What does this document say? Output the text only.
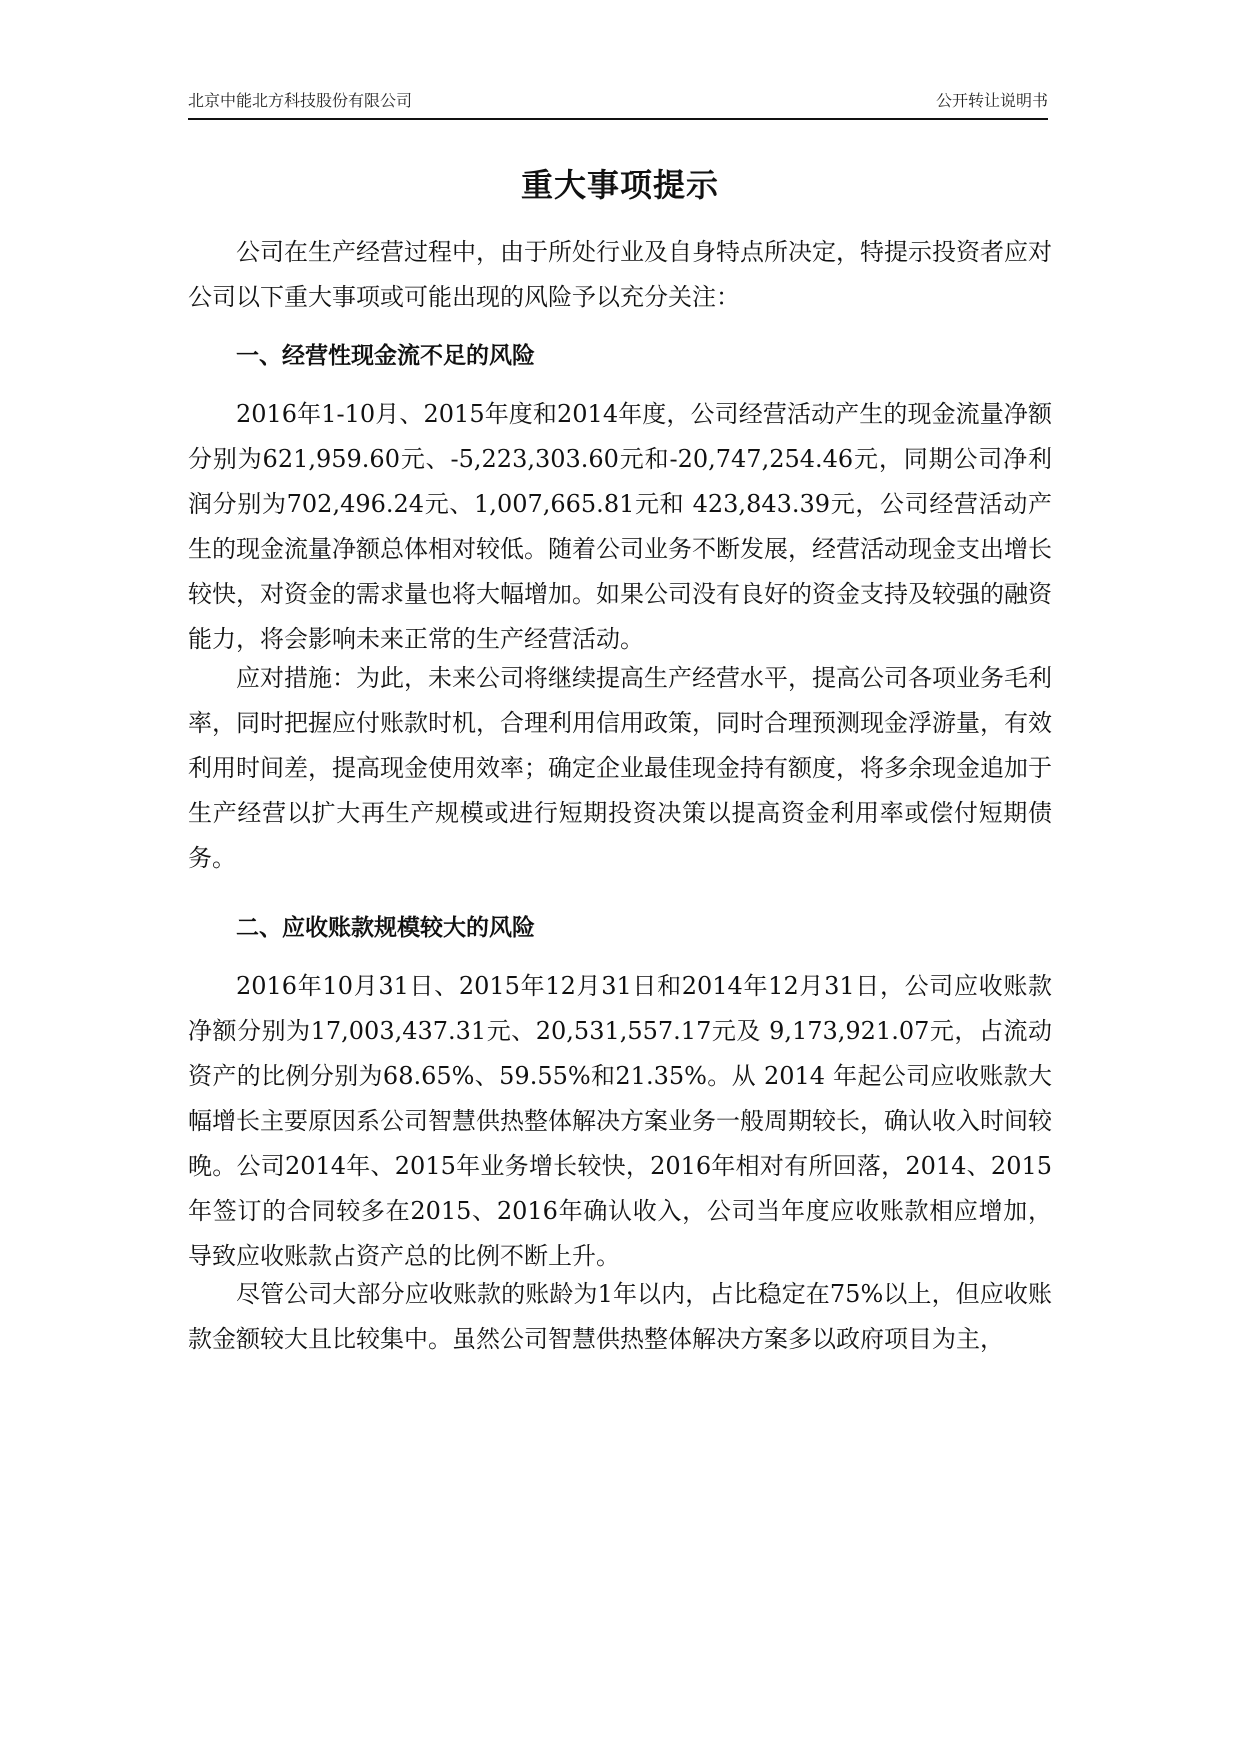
北京中能北方科技股份有限公司	公开转让说明书
重大事项提示

公司在生产经营过程中，由于所处行业及自身特点所决定，特提示投资者应对公司以下重大事项或可能出现的风险予以充分关注：

一、经营性现金流不足的风险

2016年1-10月、2015年度和2014年度，公司经营活动产生的现金流量净额分别为621,959.60元、-5,223,303.60元和-20,747,254.46元，同期公司净利润分别为702,496.24元、1,007,665.81元和 423,843.39元，公司经营活动产生的现金流量净额总体相对较低。随着公司业务不断发展，经营活动现金支出增长较快，对资金的需求量也将大幅增加。如果公司没有良好的资金支持及较强的融资能力，将会影响未来正常的生产经营活动。

应对措施：为此，未来公司将继续提高生产经营水平，提高公司各项业务毛利率，同时把握应付账款时机，合理利用信用政策，同时合理预测现金浮游量，有效利用时间差，提高现金使用效率；确定企业最佳现金持有额度，将多余现金追加于生产经营以扩大再生产规模或进行短期投资决策以提高资金利用率或偿付短期债务。

二、应收账款规模较大的风险

2016年10月31日、2015年12月31日和2014年12月31日，公司应收账款净额分别为17,003,437.31元、20,531,557.17元及 9,173,921.07元，占流动资产的比例分别为68.65%、59.55%和21.35%。从 2014 年起公司应收账款大幅增长主要原因系公司智慧供热整体解决方案业务一般周期较长，确认收入时间较晚。公司2014年、2015年业务增长较快，2016年相对有所回落，2014、2015年签订的合同较多在2015、2016年确认收入，公司当年度应收账款相应增加，导致应收账款占资产总的比例不断上升。

尽管公司大部分应收账款的账龄为1年以内，占比稳定在75%以上，但应收账款金额较大且比较集中。虽然公司智慧供热整体解决方案多以政府项目为主，
